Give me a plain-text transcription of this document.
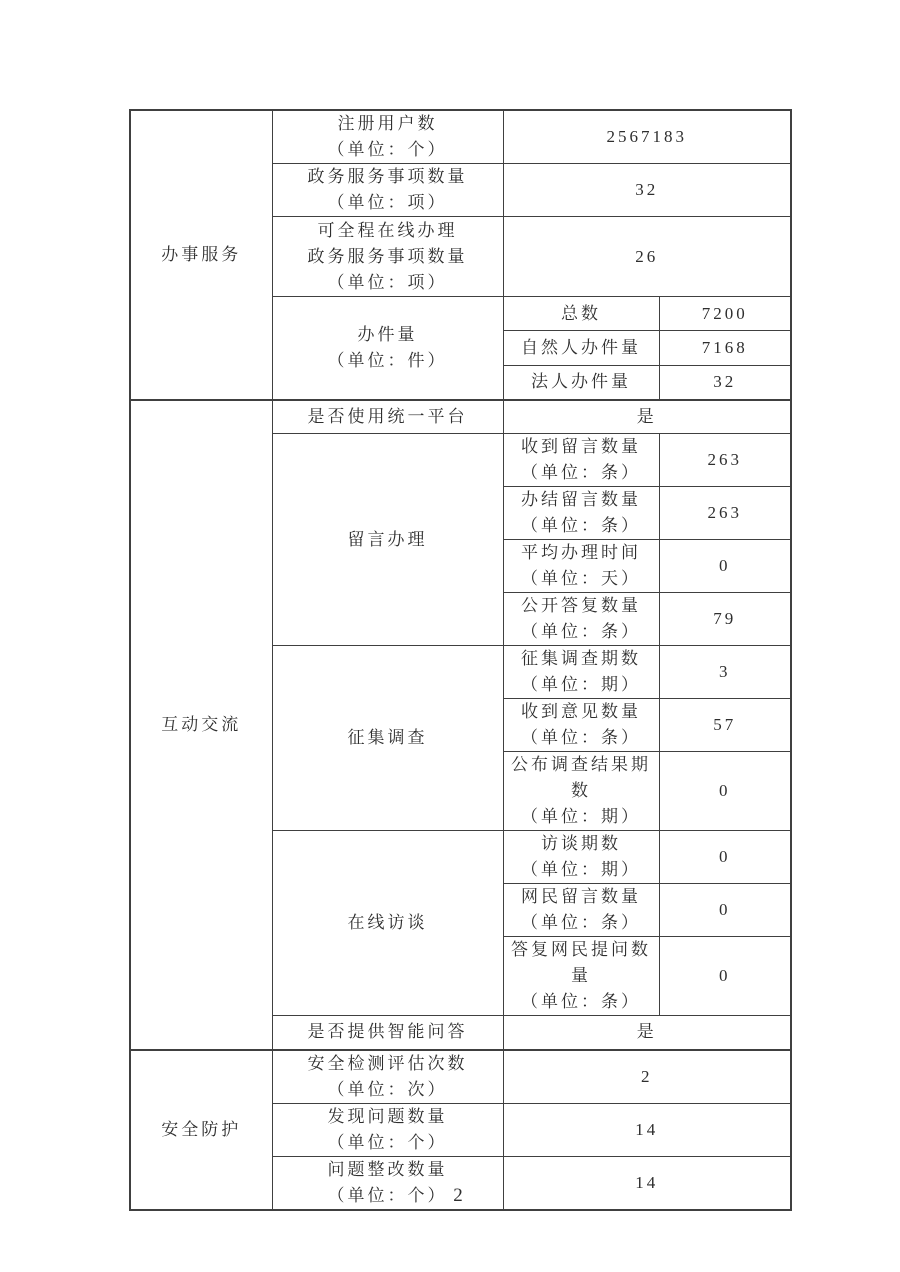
办事服务	注册用户数
（单位：个）	2567183	

	政务服务事项数量
（单位：项）	32	

	可全程在线办理
政务服务事项数量
（单位：项）	26	

	办件量
（单位：件）	总数	7200
		自然人办件量	7168
		法人办件量	32
互动交流	是否使用统一平台	是	
	留言办理	收到留言数量
（单位：条）	263

		办结留言数量
（单位：条）	263

		平均办理时间
（单位：天）	0

		公开答复数量
（单位：条）	79
	征集调查	征集调查期数
（单位：期）	3

		收到意见数量
（单位：条）	57

		公布调查结果期数
（单位：期）	0
	在线访谈	访谈期数
（单位：期）	0

		网民留言数量
（单位：条）	0

		答复网民提问数量
（单位：条）	0
	是否提供智能问答	是	
安全防护	安全检测评估次数
（单位：次）	2	

	发现问题数量
（单位：个）	14	

	问题整改数量
（单位：个）	14	
2
